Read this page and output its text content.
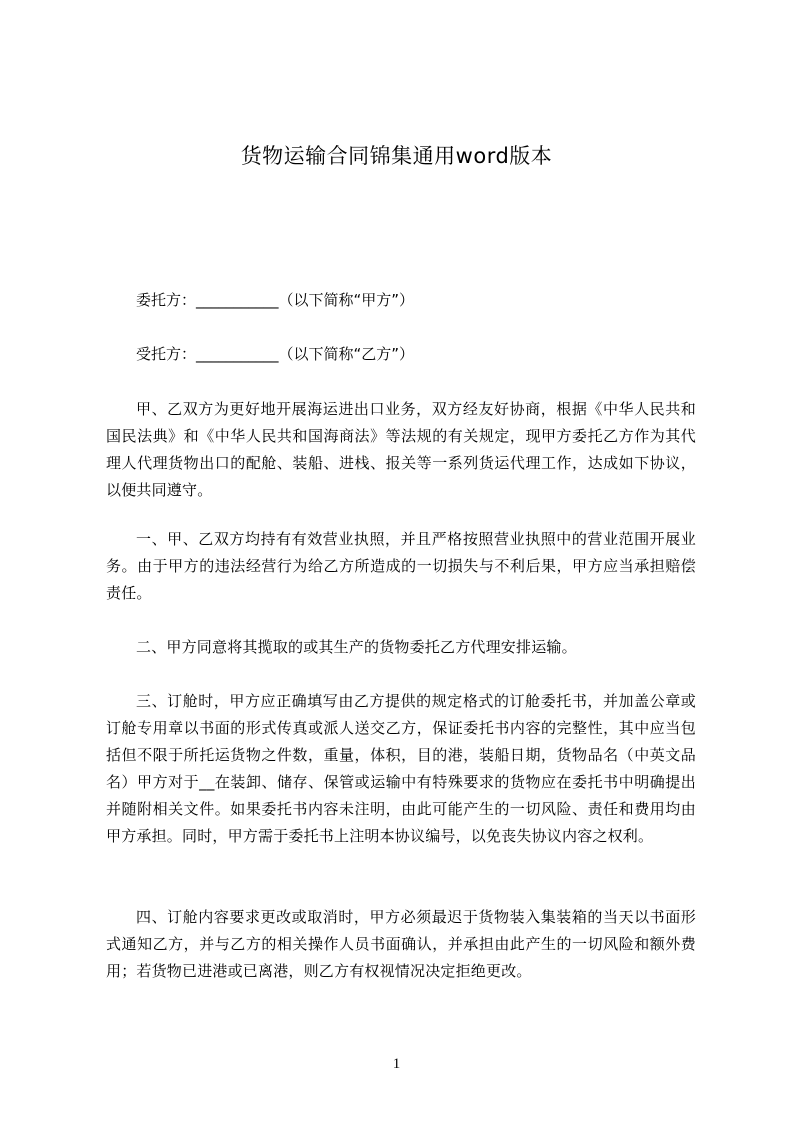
货物运输合同锦集通用word版本

委托方：___________（以下简称“甲方”）

受托方：___________（以下简称“乙方”）

甲、乙双方为更好地开展海运进出口业务，双方经友好协商，根据《中华人民共和国民法典》和《中华人民共和国海商法》等法规的有关规定，现甲方委托乙方作为其代理人代理货物出口的配舱、装船、进栈、报关等一系列货运代理工作，达成如下协议，以便共同遵守。

一、甲、乙双方均持有有效营业执照，并且严格按照营业执照中的营业范围开展业务。由于甲方的违法经营行为给乙方所造成的一切损失与不利后果，甲方应当承担赔偿责任。

二、甲方同意将其揽取的或其生产的货物委托乙方代理安排运输。

三、订舱时，甲方应正确填写由乙方提供的规定格式的订舱委托书，并加盖公章或订舱专用章以书面的形式传真或派人送交乙方，保证委托书内容的完整性，其中应当包括但不限于所托运货物之件数，重量，体积，目的港，装船日期，货物品名（中英文品名）甲方对于__在装卸、储存、保管或运输中有特殊要求的货物应在委托书中明确提出并随附相关文件。如果委托书内容未注明，由此可能产生的一切风险、责任和费用均由甲方承担。同时，甲方需于委托书上注明本协议编号，以免丧失协议内容之权利。

四、订舱内容要求更改或取消时，甲方必须最迟于货物装入集装箱的当天以书面形式通知乙方，并与乙方的相关操作人员书面确认，并承担由此产生的一切风险和额外费用；若货物已进港或已离港，则乙方有权视情况决定拒绝更改。

1
